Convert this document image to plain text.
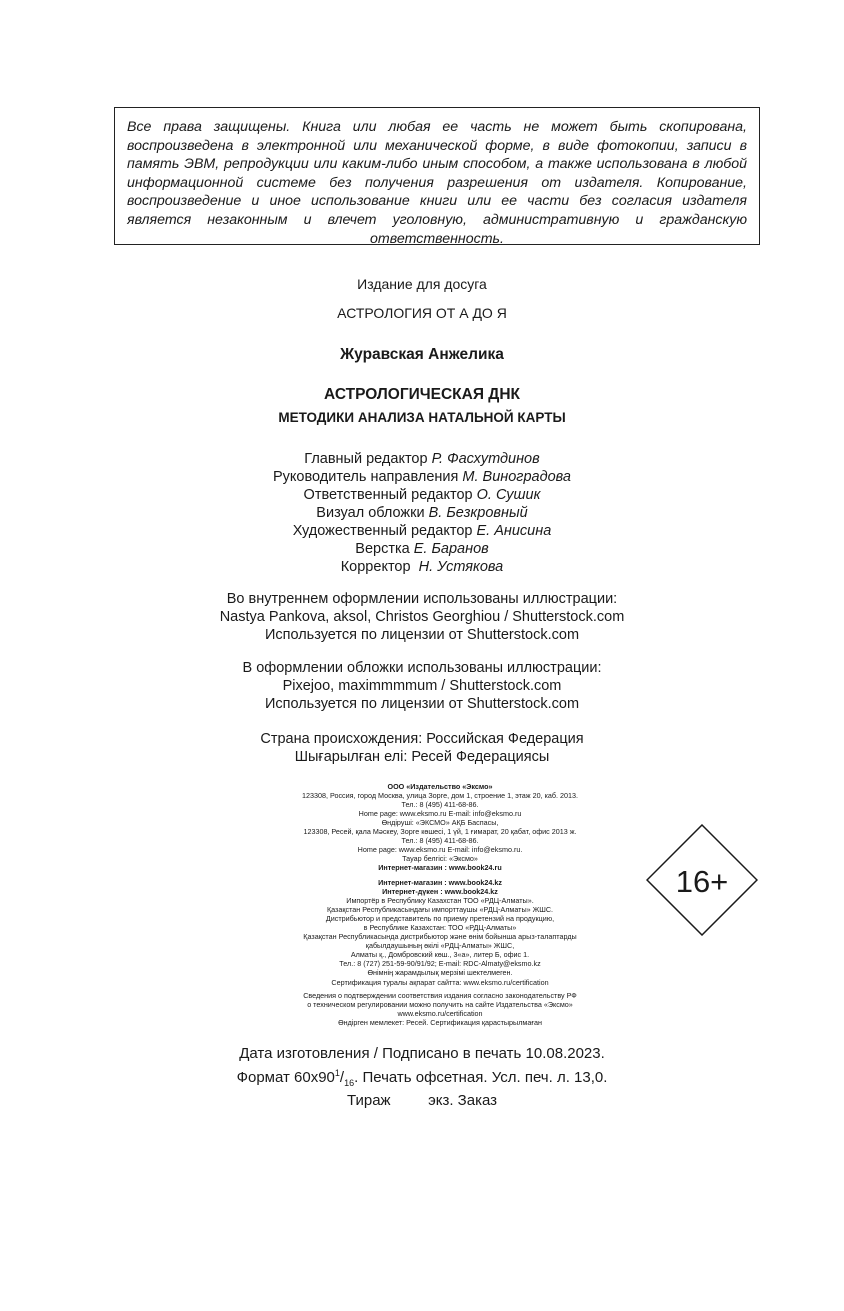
Все права защищены. Книга или любая ее часть не может быть скопирована, воспроизведена в электронной или механической форме, в виде фотокопии, записи в память ЭВМ, репродукции или каким-либо иным способом, а также использована в любой информационной системе без получения разрешения от издателя. Копирование, воспроизведение и иное использование книги или ее части без согласия издателя является незаконным и влечет уголовную, административную и гражданскую ответственность.
Издание для досуга
АСТРОЛОГИЯ ОТ А ДО Я
Журавская Анжелика
АСТРОЛОГИЧЕСКАЯ ДНК
МЕТОДИКИ АНАЛИЗА НАТАЛЬНОЙ КАРТЫ
Главный редактор Р. Фасхутдинов
Руководитель направления М. Виноградова
Ответственный редактор О. Сушик
Визуал обложки В. Безкровный
Художественный редактор Е. Анисина
Верстка Е. Баранов
Корректор Н. Устякова
Во внутреннем оформлении использованы иллюстрации:
Nastya Pankova, aksol, Christos Georghiou / Shutterstock.com
Используется по лицензии от Shutterstock.com
В оформлении обложки использованы иллюстрации:
Pixejoo, maximmmmum / Shutterstock.com
Используется по лицензии от Shutterstock.com
Страна происхождения: Российская Федерация
Шығарылған елі: Ресей Федерациясы
ООО «Издательство «Эксмо»
123308, Россия, город Москва, улица Зорге, дом 1, строение 1, этаж 20, каб. 2013.
Тел.: 8 (495) 411-68-86.
Home page: www.eksmo.ru E-mail: info@eksmo.ru
Өндіруші: «ЭКСМО» АҚБ Баспасы,
123308, Ресей, қала Мәскеу, Зорге көшесі, 1 үй, 1 ғимарат, 20 қабат, офис 2013 ж.
Тел.: 8 (495) 411-68-86.
Home page: www.eksmo.ru E-mail: info@eksmo.ru.
Тауар белгісі: «Эксмо»
Интернет-магазин : www.book24.ru
Интернет-магазин : www.book24.kz
Интернет-дүкен : www.book24.kz
Импортёр в Республику Казахстан ТОО «РДЦ-Алматы».
Қазақстан Республикасындағы импорттаушы «РДЦ-Алматы» ЖШС.
Дистрибьютор и представитель по приему претензий на продукцию,
в Республике Казахстан: ТОО «РДЦ-Алматы»
Қазақстан Республикасында дистрибьютор және өнім бойынша арыз-талаптарды
қабылдаушының өкілі «РДЦ-Алматы» ЖШС,
Алматы қ., Домбровский көш., 3«а», литер Б, офис 1.
Тел.: 8 (727) 251-59-90/91/92; E-mail: RDC-Almaty@eksmo.kz
Өнімнің жарамдылық мерзімі шектелмеген.
Сертификация туралы ақпарат сайтта: www.eksmo.ru/certification
Сведения о подтверждении соответствия издания согласно законодательству РФ
о техническом регулировании можно получить на сайте Издательства «Эксмо»
www.eksmo.ru/certification
Өндірген мемлекет: Ресей. Сертификация қарастырылмаған
16+
Дата изготовления / Подписано в печать 10.08.2023.
Формат $60х90^1/_{16}$. Печать офсетная. Усл. печ. л. 13,0.
Тираж         экз. Заказ
